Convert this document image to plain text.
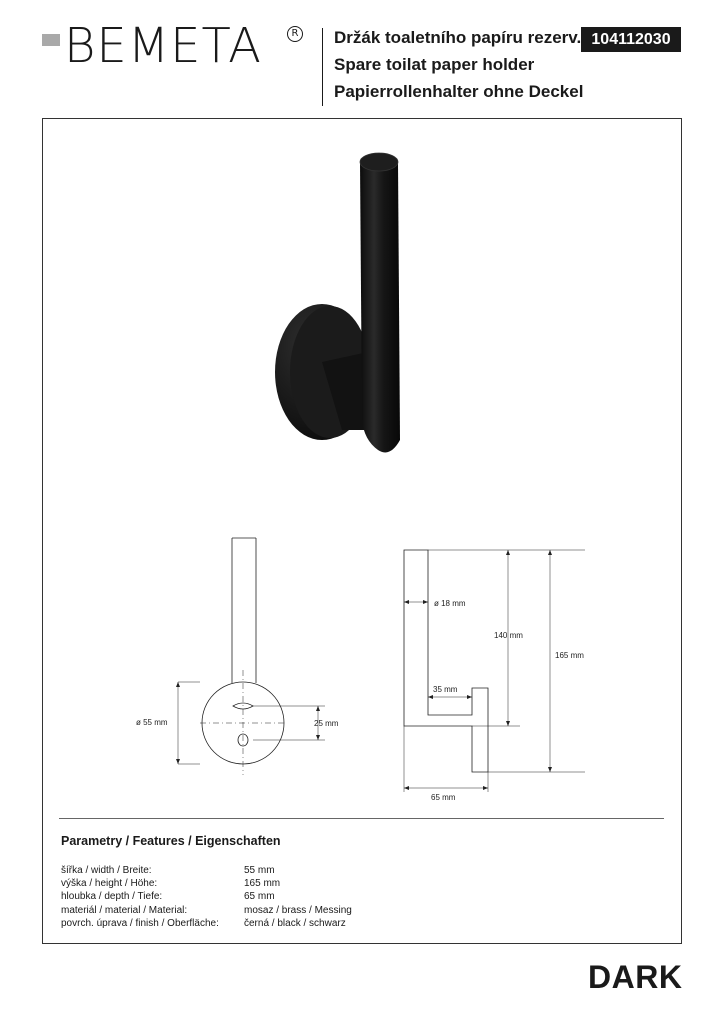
BEMETA	R Držák toaletního papíru rezerv.
Spare toilat paper holder
Papierrollenhalter ohne Deckel
104112030
ø 55 mm	25 mm
ø 18 mm
140 mm
165 mm
35 mm
65 mm
Parametry / Features / Eigenschaften
šířka / width / Breite:	55 mm
výška / height / Höhe:	165 mm
hloubka / depth / Tiefe:	65 mm
materiál / material / Material:	mosaz / brass / Messing
povrch. úprava / finish / Oberfläche:	černá / black / schwarz
DARK
